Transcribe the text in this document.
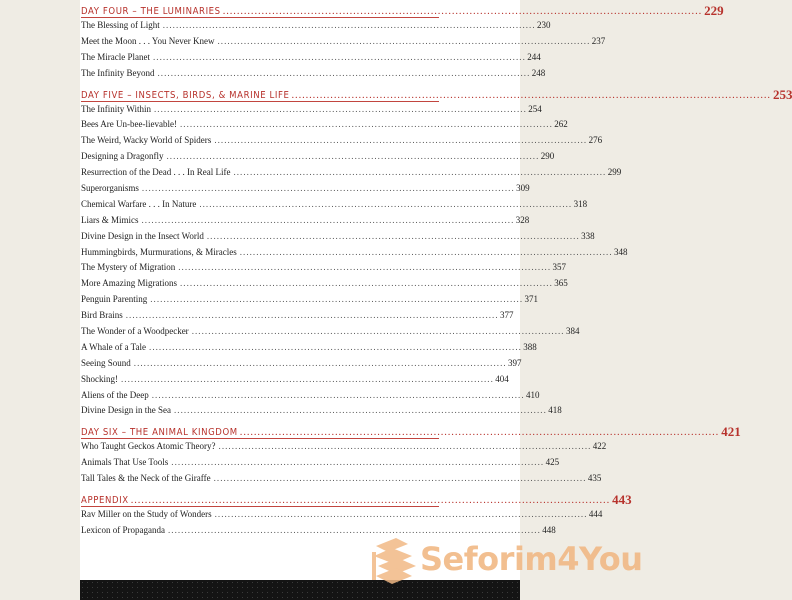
DAY FOUR – THE LUMINARIES .....	229
The Blessing of Light . . .	230
Meet the Moon . . . You Never Knew . . .	237
The Miracle Planet . . .	244
The Infinity Beyond . . .	248
DAY FIVE – INSECTS, BIRDS, & MARINE LIFE .....	253
The Infinity Within . . .	254
Bees Are Un-bee-lievable! . . .	262
The Weird, Wacky World of Spiders . . .	276
Designing a Dragonfly . . .	290
Resurrection of the Dead . . . In Real Life . . .	299
Superorganisms . . .	309
Chemical Warfare . . . In Nature . . .	318
Liars & Mimics . . .	328
Divine Design in the Insect World . . .	338
Hummingbirds, Murmurations, & Miracles . . .	348
The Mystery of Migration . . .	357
More Amazing Migrations . . .	365
Penguin Parenting . . .	371
Bird Brains . . .	377
The Wonder of a Woodpecker . . .	384
A Whale of a Tale . . .	388
Seeing Sound . . .	397
Shocking! . . .	404
Aliens of the Deep . . .	410
Divine Design in the Sea . . .	418
DAY SIX – THE ANIMAL KINGDOM .....	421
Who Taught Geckos Atomic Theory? . . .	422
Animals That Use Tools . . .	425
Tall Tales & the Neck of the Giraffe . . .	435
APPENDIX .....	443
Rav Miller on the Study of Wonders . . .	444
Lexicon of Propaganda . . .	448
Seforim4You
